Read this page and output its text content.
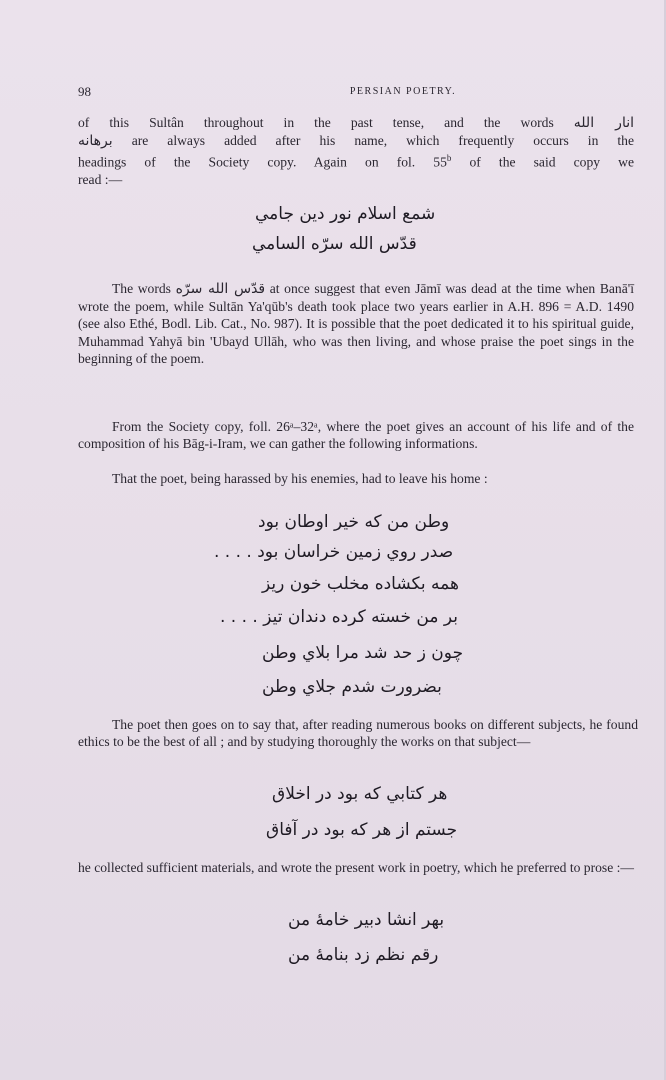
98	PERSIAN POETRY.

of this Sultân throughout in the past tense, and the words انار الله

برهانه are always added after his name, which frequently occurs in the

headings of the Society copy. Again on fol. 55$^b$ of the said copy we

read :—

شمع اسلام نور دين جامي
قدّس الله سرّه السامي

The words قدّس الله سرّه at once suggest that even Jāmī was dead at the time when Banā'ī wrote the poem, while Sultān Ya'qūb's death took place two years earlier in A.H. 896 = A.D. 1490 (see also Ethé, Bodl. Lib. Cat., No. 987). It is possible that the poet dedicated it to his spiritual guide, Muhammad Yahyā bin 'Ubayd Ullāh, who was then living, and whose praise the poet sings in the beginning of the poem.

From the Society copy, foll. 26ᵃ–32ᵃ, where the poet gives an account of his life and of the composition of his Bāg-i-Iram, we can gather the following informations.

That the poet, being harassed by his enemies, had to leave his home :

وطن من كه خير اوطان بود
صدر روي زمين خراسان بود . . . .
همه بكشاده مخلب خون ريز
بر من خسته كرده دندان تيز . . . .
چون ز حد شد مرا بلاي وطن
بضرورت شدم جلاي وطن

The poet then goes on to say that, after reading numerous books on different subjects, he found ethics to be the best of all ; and by studying thoroughly the works on that subject—

هر كتابي كه بود در اخلاق
جستم از هر كه بود در آفاق

he collected sufficient materials, and wrote the present work in poetry, which he preferred to prose :—

بهر انشا دبير خامهٔ من
رقم نظم زد بنامهٔ من
